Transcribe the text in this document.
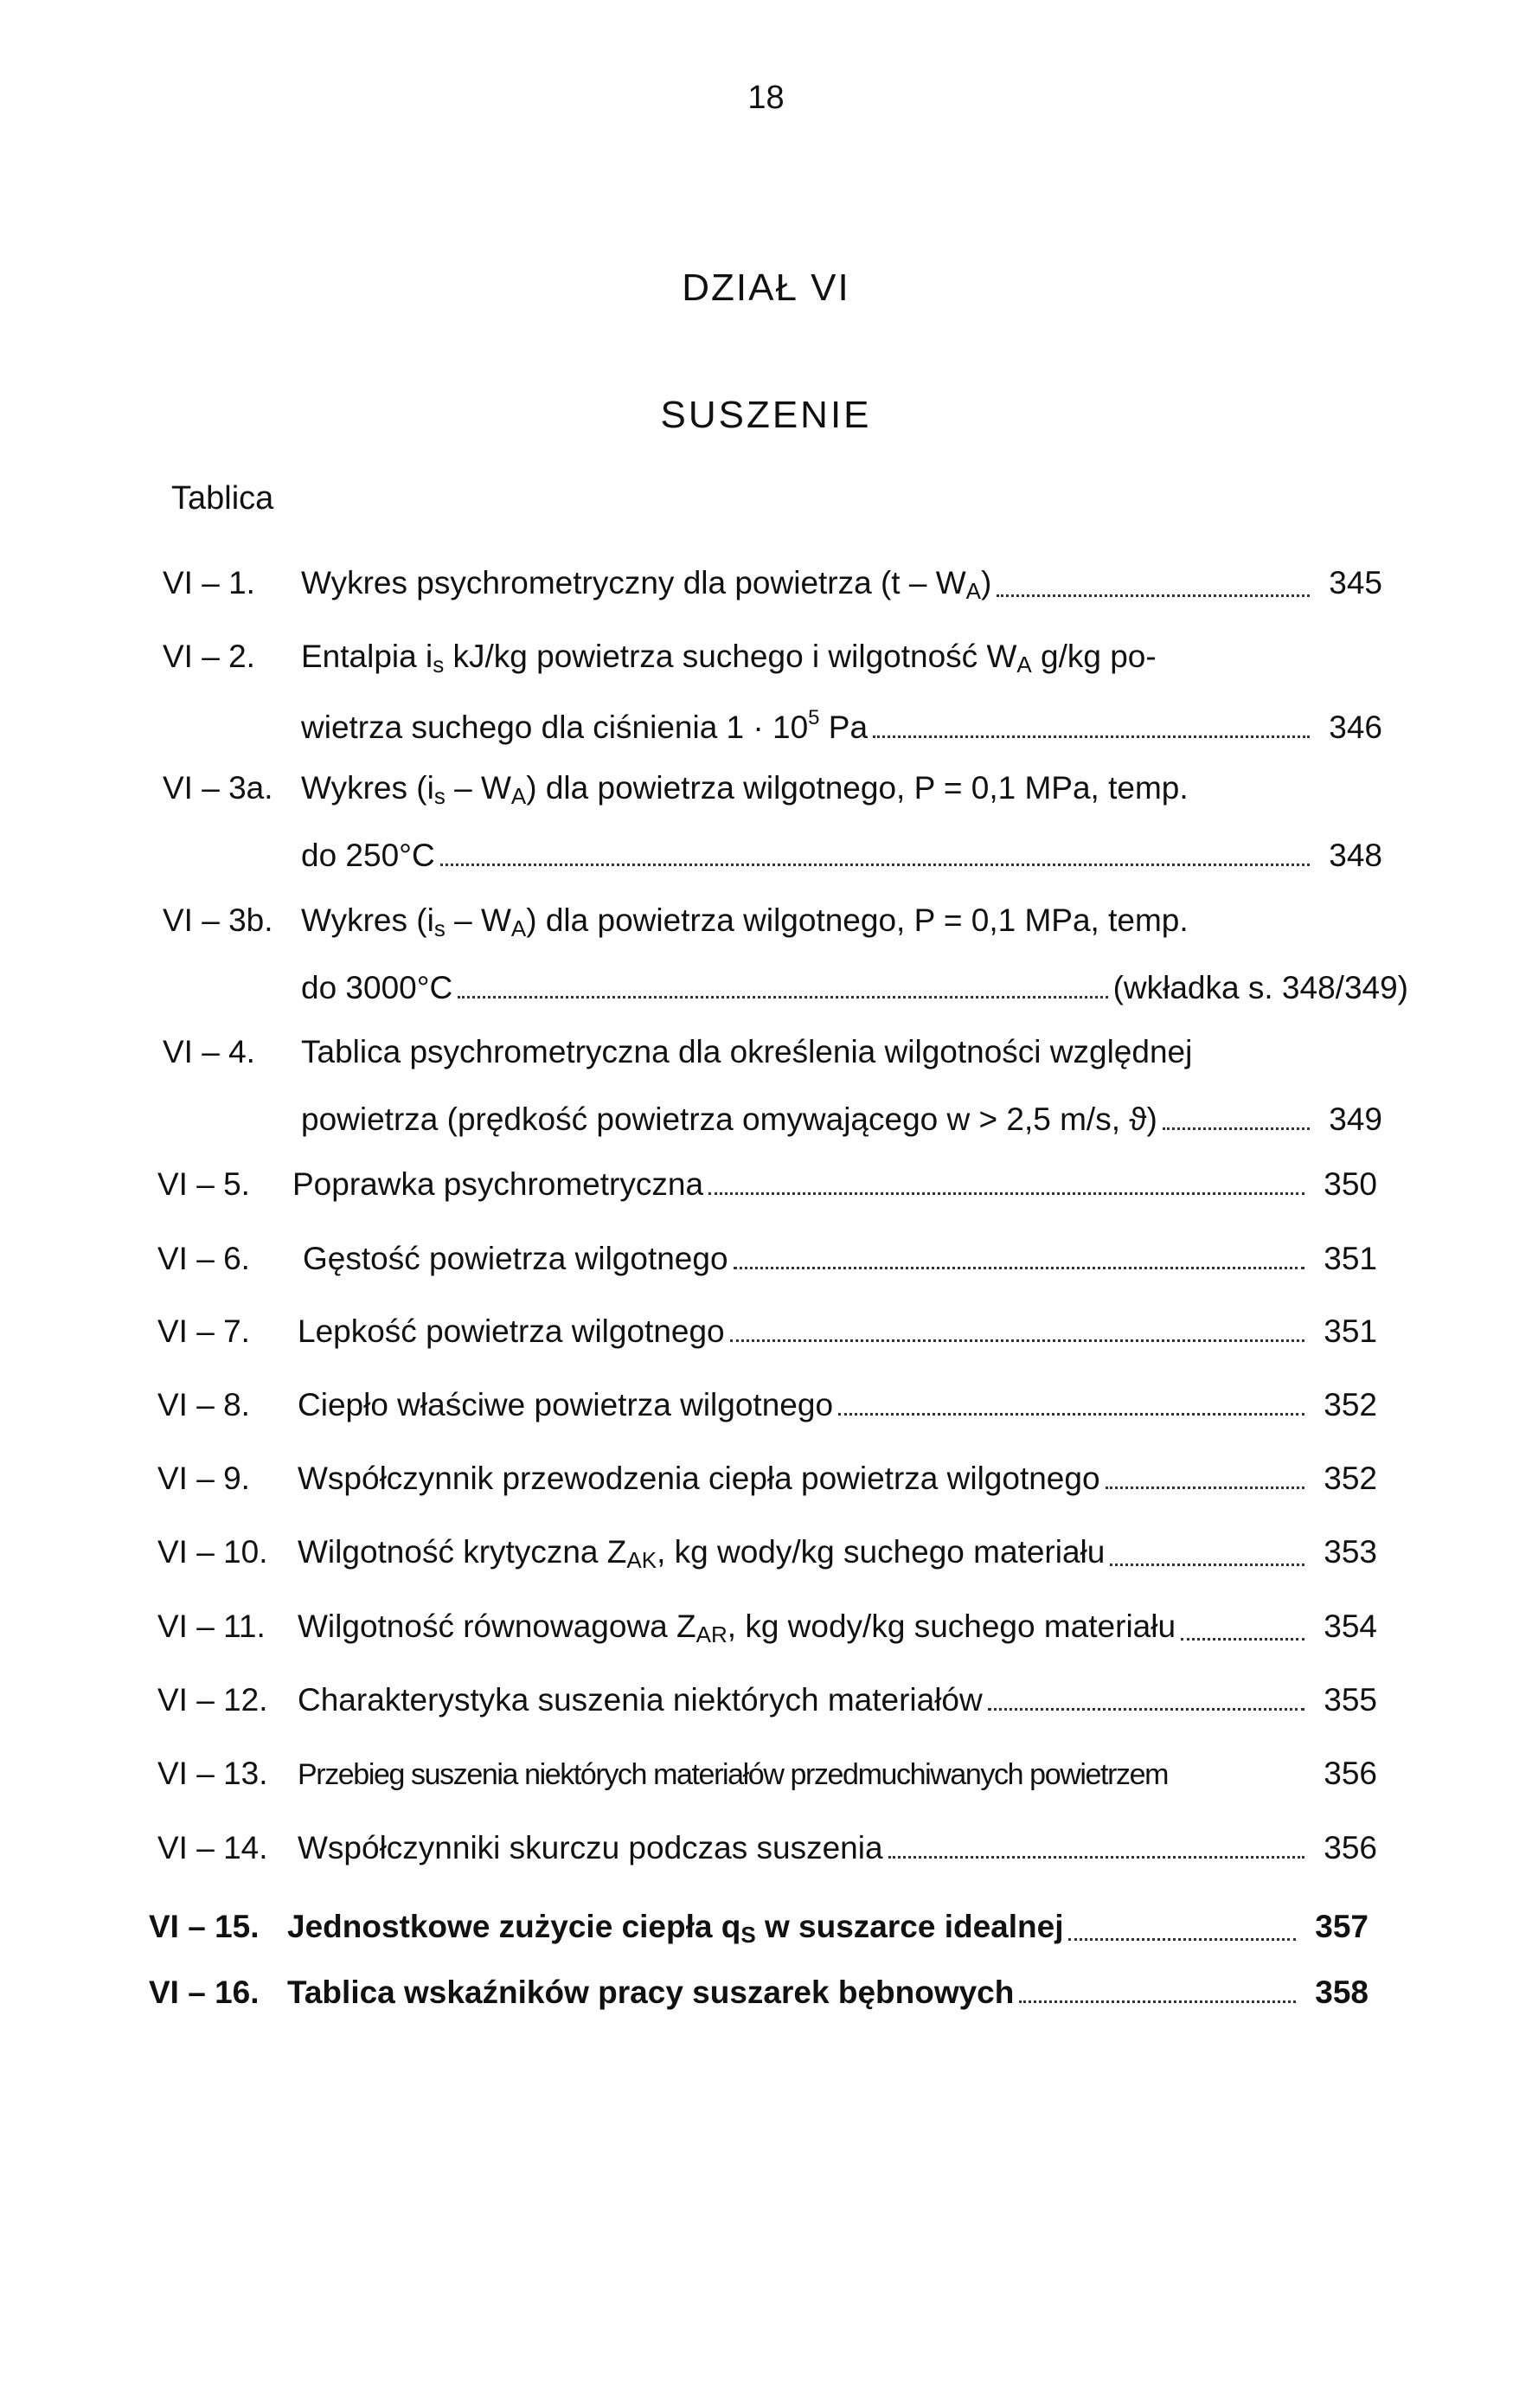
18
DZIAŁ VI
SUSZENIE
Tablica
VI – 1. Wykres psychrometryczny dla powietrza $(t - W_A)$	345
VI – 2. Entalpia $i_s$ kJ/kg powietrza suchego i wilgotność $W_A$ g/kg po-
wietrza suchego dla ciśnienia $1 \cdot 10^5$ Pa	346
VI – 3a. Wykres $(i_s - W_A)$ dla powietrza wilgotnego, P = 0,1 MPa, temp.
do 250°C	348
VI – 3b. Wykres $(i_s - W_A)$ dla powietrza wilgotnego, P = 0,1 MPa, temp.
do 3000°C	(wkładka s. 348/349)
VI – 4. Tablica psychrometryczna dla określenia wilgotności względnej
powietrza (prędkość powietrza omywającego w > 2,5 m/s, ϑ)	349
VI – 5. Poprawka psychrometryczna	350
VI – 6. Gęstość powietrza wilgotnego	351
VI – 7. Lepkość powietrza wilgotnego	351
VI – 8. Ciepło właściwe powietrza wilgotnego	352
VI – 9. Współczynnik przewodzenia ciepła powietrza wilgotnego	352
VI – 10. Wilgotność krytyczna $Z_{AK}$, kg wody/kg suchego materiału	353
VI – 11. Wilgotność równowagowa $Z_{AR}$, kg wody/kg suchego materiału	354
VI – 12. Charakterystyka suszenia niektórych materiałów	355
VI – 13. Przebieg suszenia niektórych materiałów przedmuchiwanych powietrzem	356
VI – 14. Współczynniki skurczu podczas suszenia	356
VI – 15. Jednostkowe zużycie ciepła $q_S$ w suszarce idealnej	357
VI – 16. Tablica wskaźników pracy suszarek bębnowych	358
